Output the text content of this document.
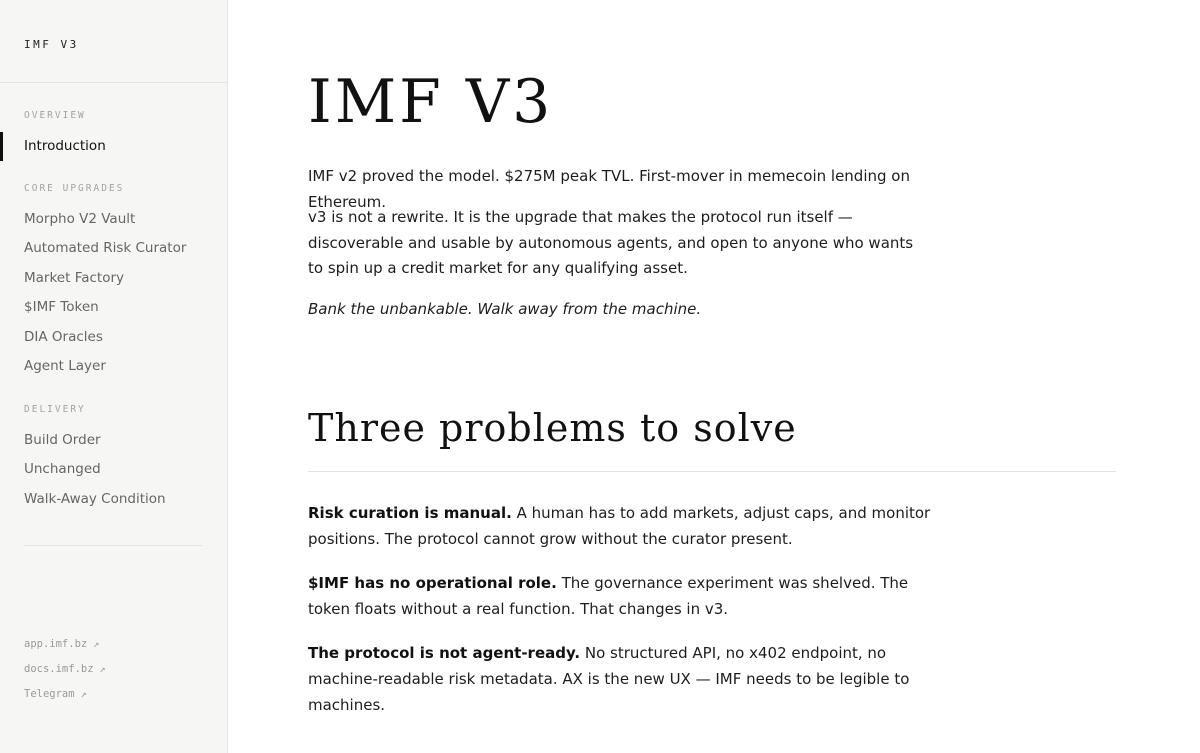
IMF V3
OVERVIEW
Introduction
CORE UPGRADES
Morpho V2 Vault
Automated Risk Curator
Market Factory
$IMF Token
DIA Oracles
Agent Layer
DELIVERY
Build Order
Unchanged
Walk-Away Condition
app.imf.bz ↗
docs.imf.bz ↗
Telegram ↗
IMF V3

IMF v2 proved the model. $275M peak TVL. First-mover in memecoin lending on Ethereum.

v3 is not a rewrite. It is the upgrade that makes the protocol run itself — discoverable and usable by autonomous agents, and open to anyone who wants to spin up a credit market for any qualifying asset.

Bank the unbankable. Walk away from the machine.

Three problems to solve

Risk curation is manual. A human has to add markets, adjust caps, and monitor positions. The protocol cannot grow without the curator present.

$IMF has no operational role. The governance experiment was shelved. The token floats without a real function. That changes in v3.

The protocol is not agent-ready. No structured API, no x402 endpoint, no machine-readable risk metadata. AX is the new UX — IMF needs to be legible to machines.
